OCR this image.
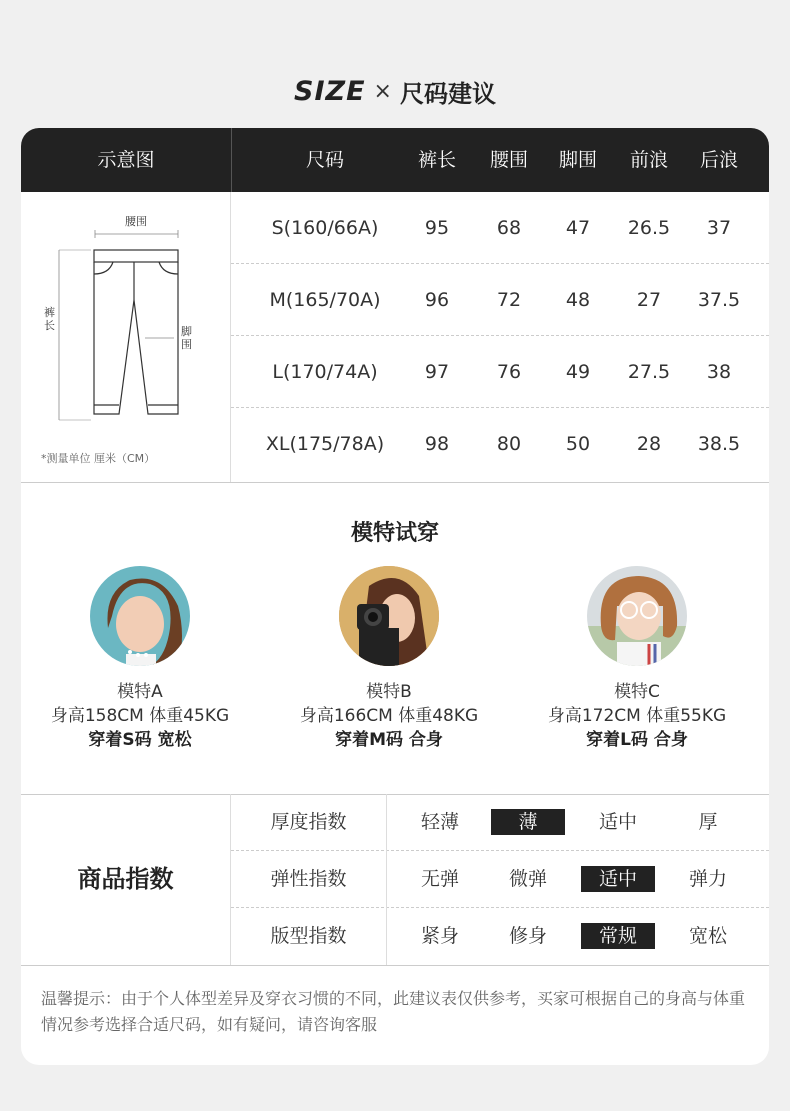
SIZE × 尺码建议
示意图	尺码	裤长	腰围	脚围	前浪	后浪
腰围
裤长	脚围
*测量单位 厘米（CM）
S(160/66A)	95	68	47	26.5	37
M(165/70A)	96	72	48	27	37.5
L(170/74A)	97	76	49	27.5	38
XL(175/78A)	98	80	50	28	38.5
模特试穿
模特A
身高158CM 体重45KG
穿着S码 宽松
模特B
身高166CM 体重48KG
穿着M码 合身
模特C
身高172CM 体重55KG
穿着L码 合身
商品指数
厚度指数	轻薄	薄	适中	厚
弹性指数	无弹	微弹	适中	弹力
版型指数	紧身	修身	常规	宽松
温馨提示：由于个人体型差异及穿衣习惯的不同，此建议表仅供参考，买家可根据自己的身高与体重情况参考选择合适尺码，如有疑问，请咨询客服
